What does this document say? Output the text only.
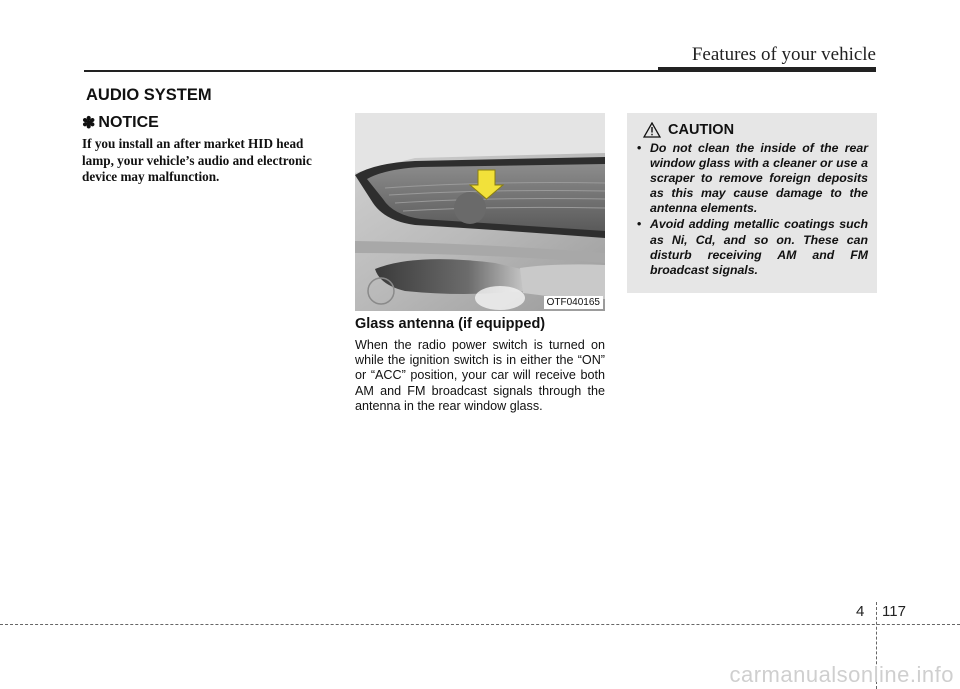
Features of your vehicle
AUDIO SYSTEM
✽ NOTICE
If you install an after market HID head lamp, your vehicle’s audio and electronic device may malfunction.
OTF040165
Glass antenna (if equipped)
When the radio power switch is turned on while the ignition switch is in either the “ON” or “ACC” position, your car will receive both AM and FM broadcast signals through the antenna in the rear window glass.
CAUTION
• Do not clean the inside of the rear window glass with a cleaner or use a scraper to remove foreign deposits as this may cause damage to the antenna elements.
• Avoid adding metallic coatings such as Ni, Cd, and so on. These can disturb receiving AM and FM broadcast signals.
4 117
carmanualsonline.info
